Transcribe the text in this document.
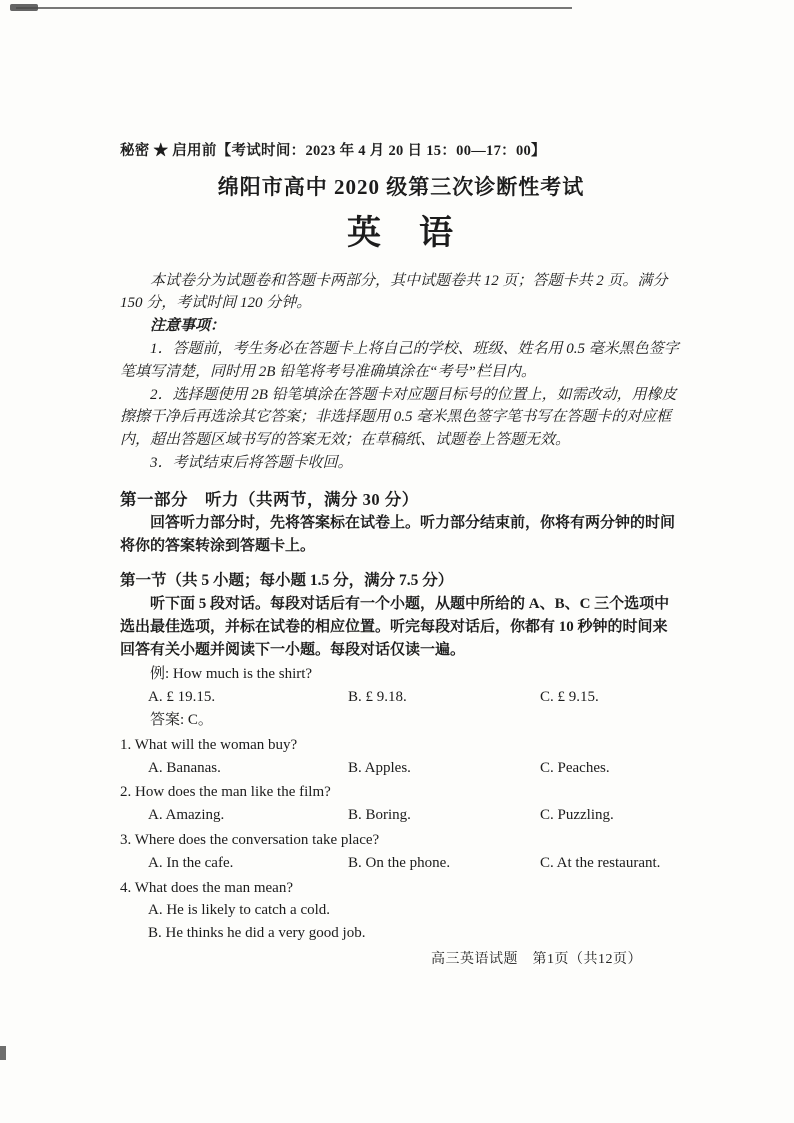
秘密 ★ 启用前【考试时间：2023 年 4 月 20 日 15：00—17：00】

绵阳市高中 2020 级第三次诊断性考试
英　语

本试卷分为试题卷和答题卡两部分，其中试题卷共 12 页；答题卡共 2 页。满分 150 分，考试时间 120 分钟。

注意事项：

1．答题前，考生务必在答题卡上将自己的学校、班级、姓名用 0.5 毫米黑色签字笔填写清楚，同时用 2B 铅笔将考号准确填涂在“考号”栏目内。

2．选择题使用 2B 铅笔填涂在答题卡对应题目标号的位置上，如需改动，用橡皮擦擦干净后再选涂其它答案；非选择题用 0.5 毫米黑色签字笔书写在答题卡的对应框内，超出答题区域书写的答案无效；在草稿纸、试题卷上答题无效。

3．考试结束后将答题卡收回。

第一部分　听力（共两节，满分 30 分）

回答听力部分时，先将答案标在试卷上。听力部分结束前，你将有两分钟的时间将你的答案转涂到答题卡上。

第一节（共 5 小题；每小题 1.5 分，满分 7.5 分）

听下面 5 段对话。每段对话后有一个小题，从题中所给的 A、B、C 三个选项中选出最佳选项，并标在试卷的相应位置。听完每段对话后，你都有 10 秒钟的时间来回答有关小题并阅读下一小题。每段对话仅读一遍。

例: How much is the shirt?

A. £ 19.15.	B. £ 9.18.	C. £ 9.15.

答案: C。

1. What will the woman buy?

A. Bananas.	B. Apples.	C. Peaches.

2. How does the man like the film?

A. Amazing.	B. Boring.	C. Puzzling.

3. Where does the conversation take place?

A. In the cafe.	B. On the phone.	C. At the restaurant.

4. What does the man mean?

A. He is likely to catch a cold.

B. He thinks he did a very good job.

高三英语试题　第1页（共12页）
